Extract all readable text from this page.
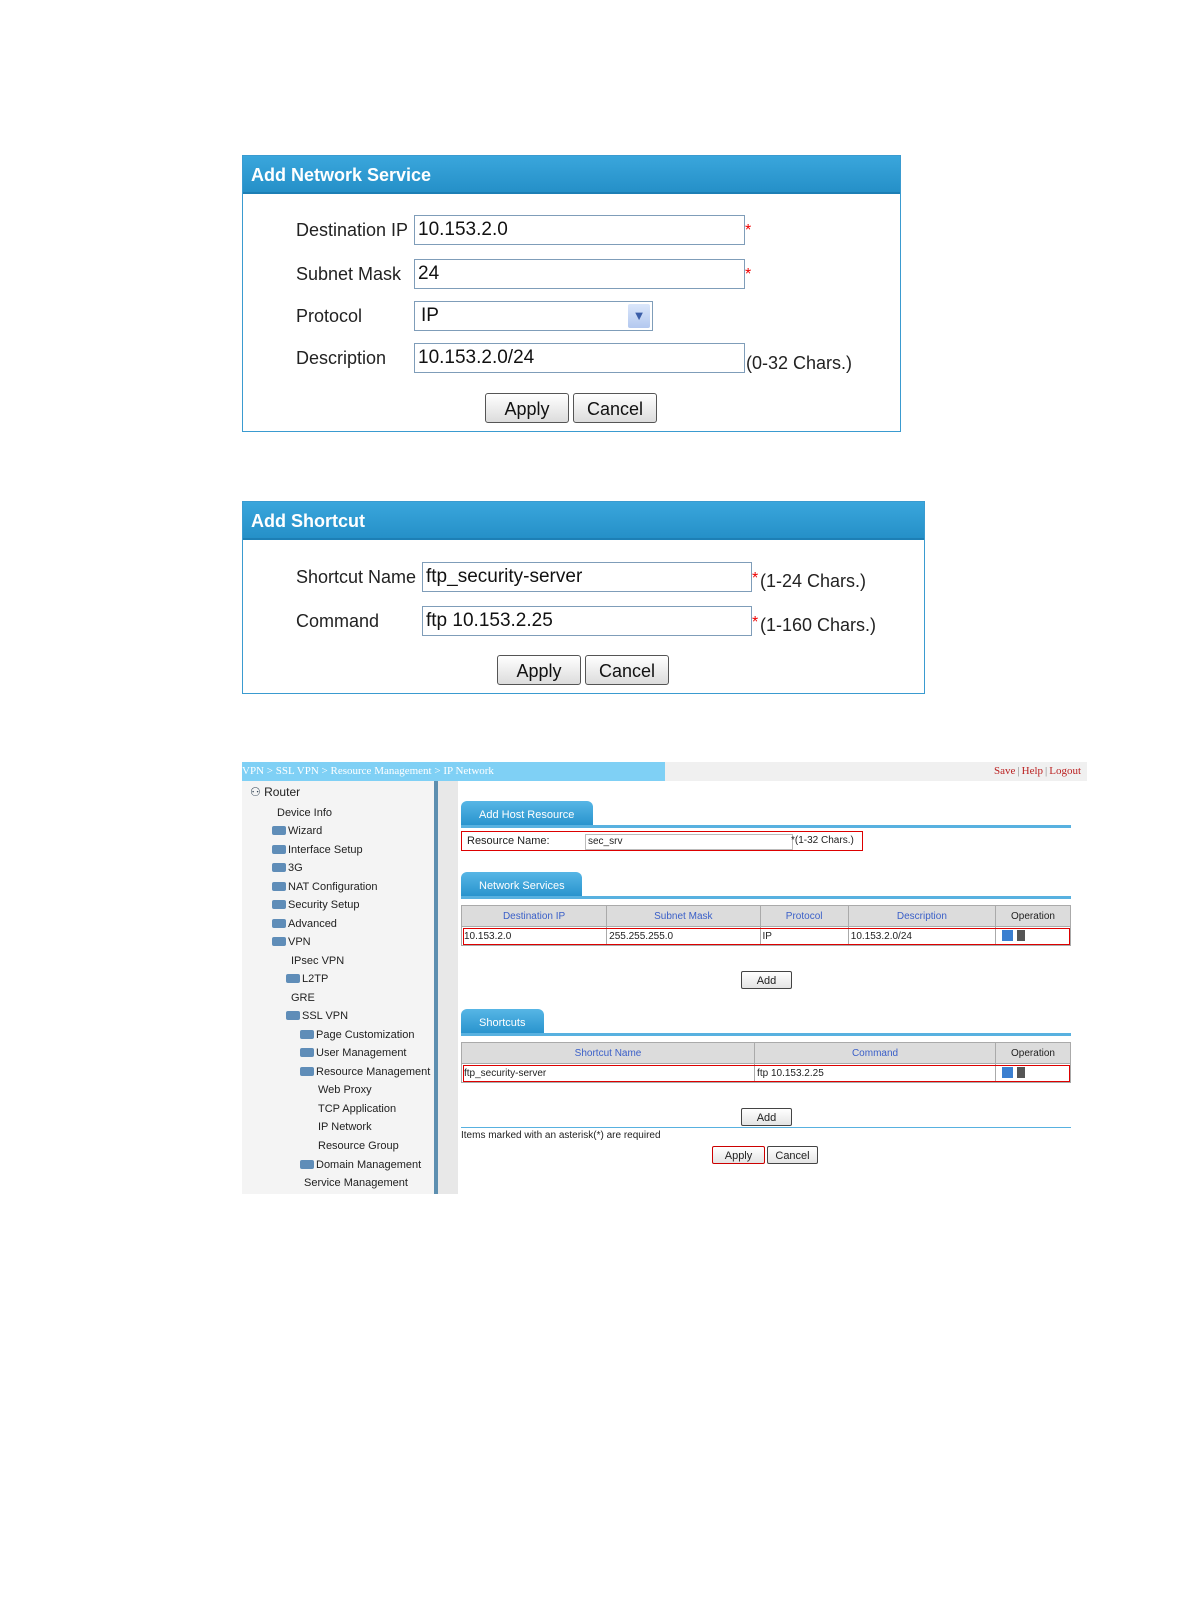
Add Network Service
Destination IP 10.153.2.0	*
Subnet Mask 24	*
Protocol	IP	▼
Description 10.153.2.0/24	(0-32 Chars.)
Apply	Cancel
Add Shortcut
Shortcut Name ftp_security-server	* (1-24 Chars.)
Command ftp 10.153.2.25	* (1-160 Chars.)
Apply	Cancel
VPN > SSL VPN > Resource Management > IP Network	Save | Help | Logout
⚇ Router
Device Info
Wizard
Interface Setup
3G
NAT Configuration
Security Setup
Advanced
VPN
IPsec VPN
L2TP
GRE
SSL VPN
Page Customization
User Management
Resource Management
Web Proxy
TCP Application
IP Network
Resource Group
Domain Management
Service Management
Add Host Resource
Resource Name:	sec_srv	*(1-32 Chars.)
Network Services
Destination IP	Subnet Mask	Protocol	Description	Operation
10.153.2.0	255.255.255.0	IP	10.153.2.0/24	
Add
Shortcuts
Shortcut Name	Command	Operation
ftp_security-server	ftp 10.153.2.25	
Add
Items marked with an asterisk(*) are required
Apply	Cancel
